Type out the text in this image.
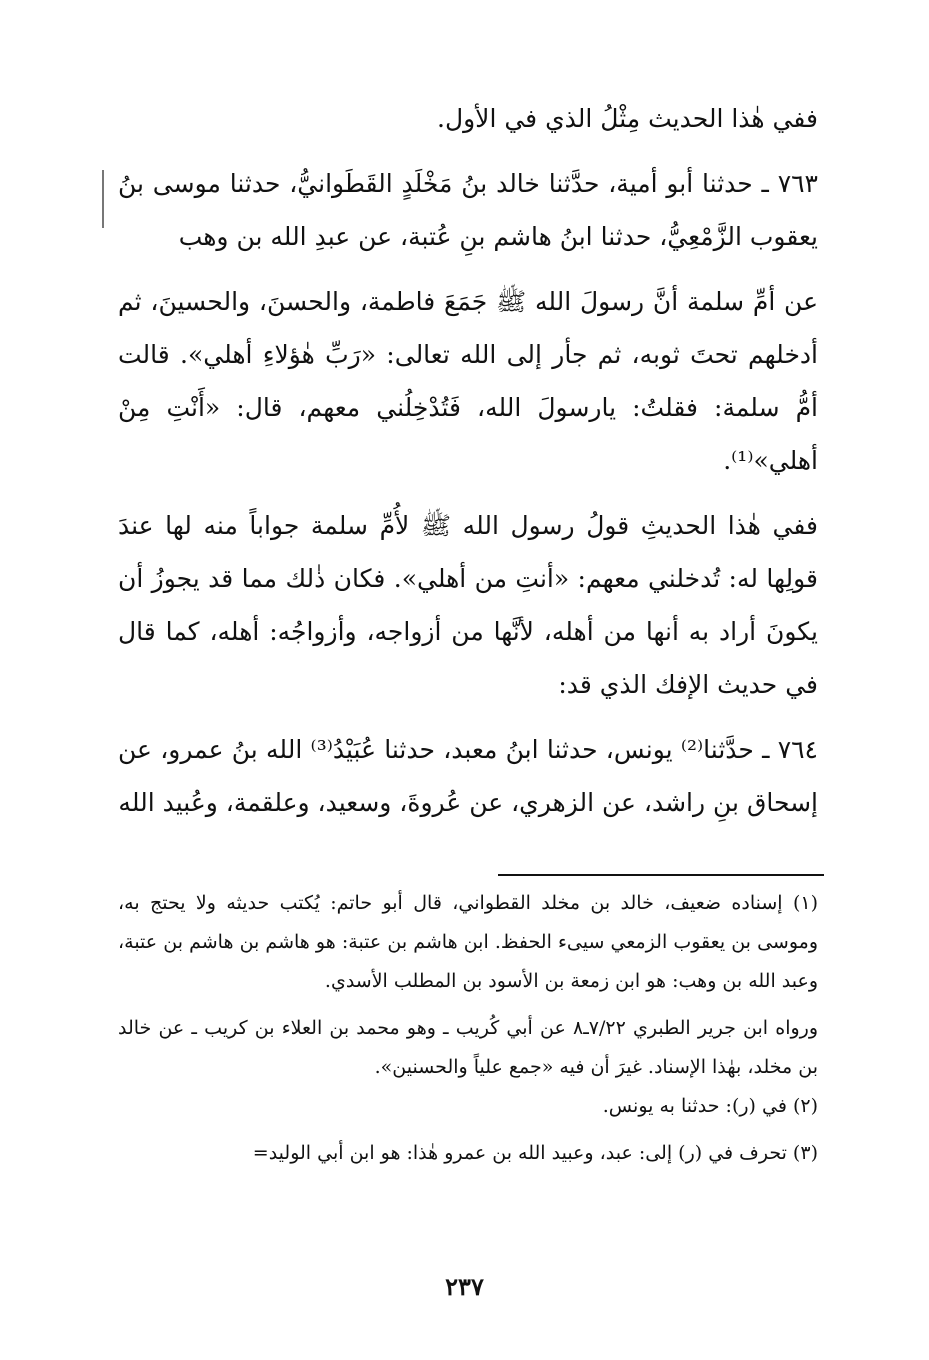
ففي هٰذا الحديث مِثْلُ الذي في الأول.

٧٦٣ ـ حدثنا أبو أمية، حدَّثنا خالد بنُ مَخْلَدٍ القَطَوانيُّ، حدثنا موسى بنُ يعقوب الزَّمْعِيُّ، حدثنا ابنُ هاشم بنِ عُتبة، عن عبدِ الله بن وهب

عن أمِّ سلمة أنَّ رسولَ الله ﷺ جَمَعَ فاطمة، والحسنَ، والحسينَ، ثم أدخلهم تحتَ ثوبه، ثم جأر إلى الله تعالى: «رَبِّ هٰؤلاءِ أهلي». قالت أمُّ سلمة: فقلتُ: يارسولَ الله، فَتُدْخِلُني معهم، قال: «أَنْتِ مِنْ أهلي»⁽¹⁾.

ففي هٰذا الحديثِ قولُ رسول الله ﷺ لأُمِّ سلمة جواباً منه لها عندَ قولِها له: تُدخلني معهم: «أنتِ من أهلي». فكان ذٰلك مما قد يجوزُ أن يكونَ أراد به أنها من أهله، لأنَّها من أزواجه، وأزواجُه: أهله، كما قال في حديث الإفك الذي قد:

٧٦٤ ـ حدَّثنا⁽²⁾ يونس، حدثنا ابنُ معبد، حدثنا عُبَيْدُ⁽³⁾ الله بنُ عمرو، عن إسحاق بنِ راشد، عن الزهري، عن عُروةَ، وسعيد، وعلقمة، وعُبيد الله

(١) إسناده ضعيف، خالد بن مخلد القطواني، قال أبو حاتم: يُكتب حديثه ولا يحتج به، وموسى بن يعقوب الزمعي سيىء الحفظ. ابن هاشم بن عتبة: هو هاشم بن هاشم بن عتبة، وعبد الله بن وهب: هو ابن زمعة بن الأسود بن المطلب الأسدي.

ورواه ابن جرير الطبري ٧/٢٢ـ٨ عن أبي كُريب ـ وهو محمد بن العلاء بن كريب ـ عن خالد بن مخلد، بهٰذا الإسناد. غيرَ أن فيه «جمع علياً والحسنين».

(٢) في (ر): حدثنا به يونس.

(٣) تحرف في (ر) إلى: عبد، وعبيد الله بن عمرو هٰذا: هو ابن أبي الوليد=

٢٣٧
